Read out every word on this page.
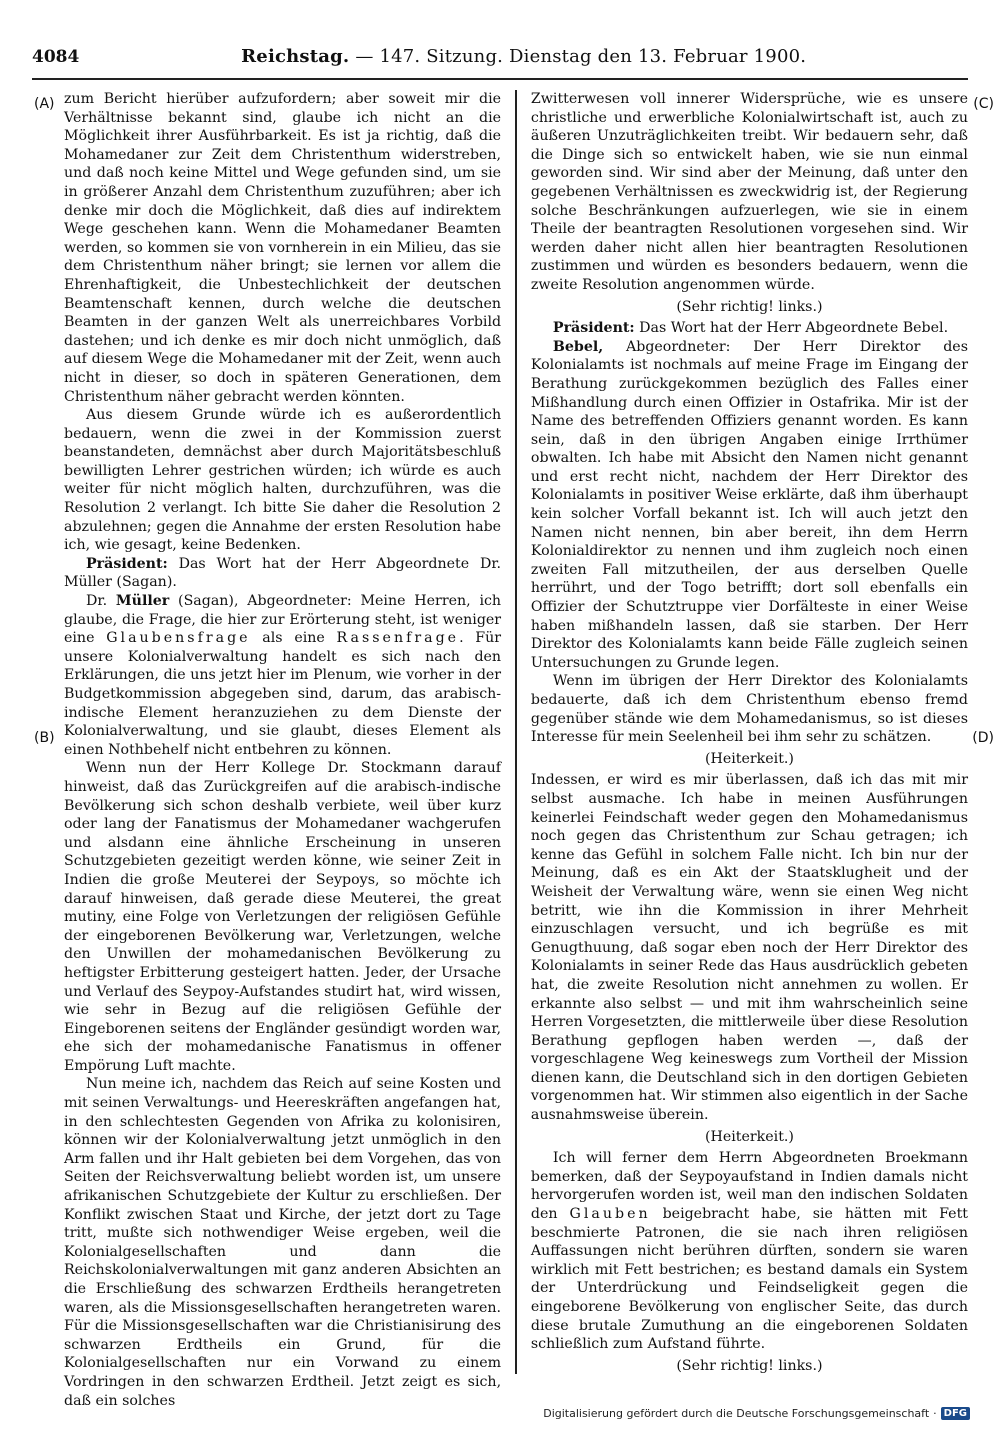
4084	Reichstag. — 147. Sitzung. Dienstag den 13. Februar 1900.
(A)
(B)
(C)
(D)

zum Bericht hierüber aufzufordern; aber soweit mir die Verhältnisse bekannt sind, glaube ich nicht an die Möglichkeit ihrer Ausführbarkeit. Es ist ja richtig, daß die Mohamedaner zur Zeit dem Christenthum widerstreben, und daß noch keine Mittel und Wege gefunden sind, um sie in größerer Anzahl dem Christenthum zuzuführen; aber ich denke mir doch die Möglichkeit, daß dies auf indirektem Wege geschehen kann. Wenn die Mohamedaner Beamten werden, so kommen sie von vornherein in ein Milieu, das sie dem Christenthum näher bringt; sie lernen vor allem die Ehrenhaftigkeit, die Unbestechlichkeit der deutschen Beamtenschaft kennen, durch welche die deutschen Beamten in der ganzen Welt als unerreichbares Vorbild dastehen; und ich denke es mir doch nicht unmöglich, daß auf diesem Wege die Mohamedaner mit der Zeit, wenn auch nicht in dieser, so doch in späteren Generationen, dem Christenthum näher gebracht werden könnten.

Aus diesem Grunde würde ich es außerordentlich bedauern, wenn die zwei in der Kommission zuerst beanstandeten, demnächst aber durch Majoritätsbeschluß bewilligten Lehrer gestrichen würden; ich würde es auch weiter für nicht möglich halten, durchzuführen, was die Resolution 2 verlangt. Ich bitte Sie daher die Resolution 2 abzulehnen; gegen die Annahme der ersten Resolution habe ich, wie gesagt, keine Bedenken.

Präsident: Das Wort hat der Herr Abgeordnete Dr. Müller (Sagan).

Dr. Müller (Sagan), Abgeordneter: Meine Herren, ich glaube, die Frage, die hier zur Erörterung steht, ist weniger eine Glaubensfrage als eine Rassenfrage. Für unsere Kolonialverwaltung handelt es sich nach den Erklärungen, die uns jetzt hier im Plenum, wie vorher in der Budgetkommission abgegeben sind, darum, das arabisch-indische Element heranzuziehen zu dem Dienste der Kolonialverwaltung, und sie glaubt, dieses Element als einen Nothbehelf nicht entbehren zu können.

Wenn nun der Herr Kollege Dr. Stockmann darauf hinweist, daß das Zurückgreifen auf die arabisch-indische Bevölkerung sich schon deshalb verbiete, weil über kurz oder lang der Fanatismus der Mohamedaner wachgerufen und alsdann eine ähnliche Erscheinung in unseren Schutzgebieten gezeitigt werden könne, wie seiner Zeit in Indien die große Meuterei der Seypoys, so möchte ich darauf hinweisen, daß gerade diese Meuterei, the great mutiny, eine Folge von Verletzungen der religiösen Gefühle der eingeborenen Bevölkerung war, Verletzungen, welche den Unwillen der mohamedanischen Bevölkerung zu heftigster Erbitterung gesteigert hatten. Jeder, der Ursache und Verlauf des Seypoy-Aufstandes studirt hat, wird wissen, wie sehr in Bezug auf die religiösen Gefühle der Eingeborenen seitens der Engländer gesündigt worden war, ehe sich der mohamedanische Fanatismus in offener Empörung Luft machte.

Nun meine ich, nachdem das Reich auf seine Kosten und mit seinen Verwaltungs- und Heereskräften angefangen hat, in den schlechtesten Gegenden von Afrika zu kolonisiren, können wir der Kolonialverwaltung jetzt unmöglich in den Arm fallen und ihr Halt gebieten bei dem Vorgehen, das von Seiten der Reichsverwaltung beliebt worden ist, um unsere afrikanischen Schutzgebiete der Kultur zu erschließen. Der Konflikt zwischen Staat und Kirche, der jetzt dort zu Tage tritt, mußte sich nothwendiger Weise ergeben, weil die Kolonialgesellschaften und dann die Reichskolonialverwaltungen mit ganz anderen Absichten an die Erschließung des schwarzen Erdtheils herangetreten waren, als die Missionsgesellschaften herangetreten waren. Für die Missionsgesellschaften war die Christianisirung des schwarzen Erdtheils ein Grund, für die Kolonialgesellschaften nur ein Vorwand zu einem Vordringen in den schwarzen Erdtheil. Jetzt zeigt es sich, daß ein solches

Zwitterwesen voll innerer Widersprüche, wie es unsere christliche und erwerbliche Kolonialwirtschaft ist, auch zu äußeren Unzuträglichkeiten treibt. Wir bedauern sehr, daß die Dinge sich so entwickelt haben, wie sie nun einmal geworden sind. Wir sind aber der Meinung, daß unter den gegebenen Verhältnissen es zweckwidrig ist, der Regierung solche Beschränkungen aufzuerlegen, wie sie in einem Theile der beantragten Resolutionen vorgesehen sind. Wir werden daher nicht allen hier beantragten Resolutionen zustimmen und würden es besonders bedauern, wenn die zweite Resolution angenommen würde.

(Sehr richtig! links.)

Präsident: Das Wort hat der Herr Abgeordnete Bebel.

Bebel, Abgeordneter: Der Herr Direktor des Kolonialamts ist nochmals auf meine Frage im Eingang der Berathung zurückgekommen bezüglich des Falles einer Mißhandlung durch einen Offizier in Ostafrika. Mir ist der Name des betreffenden Offiziers genannt worden. Es kann sein, daß in den übrigen Angaben einige Irrthümer obwalten. Ich habe mit Absicht den Namen nicht genannt und erst recht nicht, nachdem der Herr Direktor des Kolonialamts in positiver Weise erklärte, daß ihm überhaupt kein solcher Vorfall bekannt ist. Ich will auch jetzt den Namen nicht nennen, bin aber bereit, ihn dem Herrn Kolonialdirektor zu nennen und ihm zugleich noch einen zweiten Fall mitzutheilen, der aus derselben Quelle herrührt, und der Togo betrifft; dort soll ebenfalls ein Offizier der Schutztruppe vier Dorfälteste in einer Weise haben mißhandeln lassen, daß sie starben. Der Herr Direktor des Kolonialamts kann beide Fälle zugleich seinen Untersuchungen zu Grunde legen.

Wenn im übrigen der Herr Direktor des Kolonialamts bedauerte, daß ich dem Christenthum ebenso fremd gegenüber stände wie dem Mohamedanismus, so ist dieses Interesse für mein Seelenheil bei ihm sehr zu schätzen.

(Heiterkeit.)

Indessen, er wird es mir überlassen, daß ich das mit mir selbst ausmache. Ich habe in meinen Ausführungen keinerlei Feindschaft weder gegen den Mohamedanismus noch gegen das Christenthum zur Schau getragen; ich kenne das Gefühl in solchem Falle nicht. Ich bin nur der Meinung, daß es ein Akt der Staatsklugheit und der Weisheit der Verwaltung wäre, wenn sie einen Weg nicht betritt, wie ihn die Kommission in ihrer Mehrheit einzuschlagen versucht, und ich begrüße es mit Genugthuung, daß sogar eben noch der Herr Direktor des Kolonialamts in seiner Rede das Haus ausdrücklich gebeten hat, die zweite Resolution nicht annehmen zu wollen. Er erkannte also selbst — und mit ihm wahrscheinlich seine Herren Vorgesetzten, die mittlerweile über diese Resolution Berathung gepflogen haben werden —, daß der vorgeschlagene Weg keineswegs zum Vortheil der Mission dienen kann, die Deutschland sich in den dortigen Gebieten vorgenommen hat. Wir stimmen also eigentlich in der Sache ausnahmsweise überein.

(Heiterkeit.)

Ich will ferner dem Herrn Abgeordneten Broekmann bemerken, daß der Seypoyaufstand in Indien damals nicht hervorgerufen worden ist, weil man den indischen Soldaten den Glauben beigebracht habe, sie hätten mit Fett beschmierte Patronen, die sie nach ihren religiösen Auffassungen nicht berühren dürften, sondern sie waren wirklich mit Fett bestrichen; es bestand damals ein System der Unterdrückung und Feindseligkeit gegen die eingeborene Bevölkerung von englischer Seite, das durch diese brutale Zumuthung an die eingeborenen Soldaten schließlich zum Aufstand führte.

(Sehr richtig! links.)

Digitalisierung gefördert durch die Deutsche Forschungsgemeinschaft · DFG
